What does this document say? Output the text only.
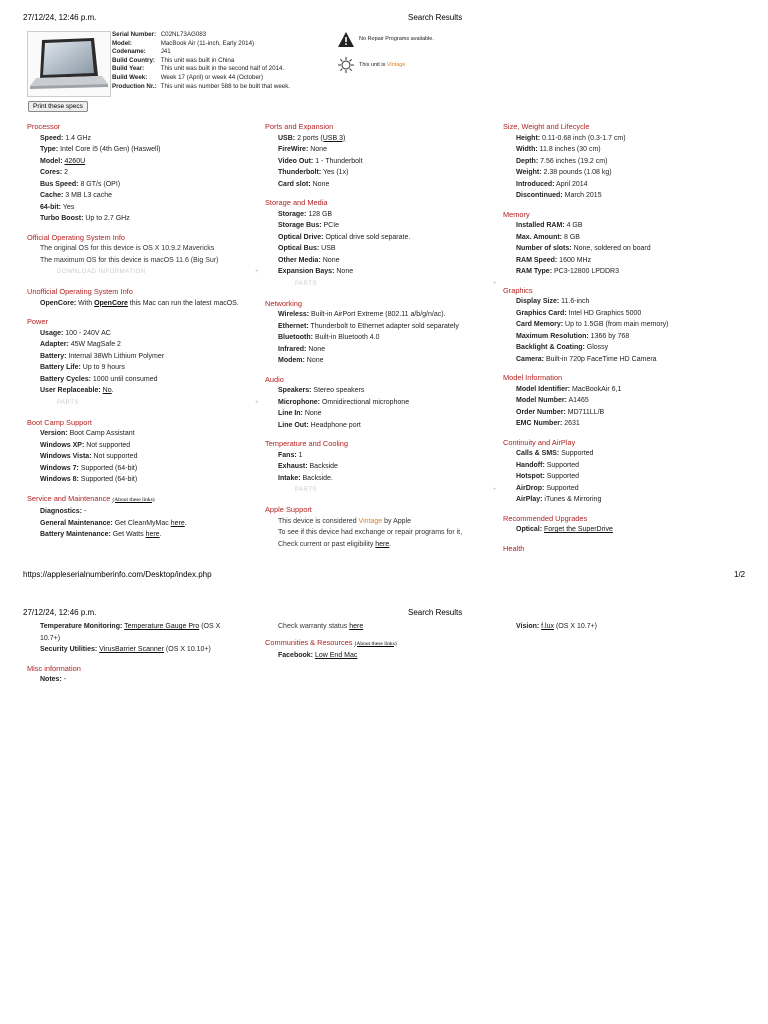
27/12/24, 12:46 p.m.	Search Results
Serial Number:	C02NL73AG083
Model:	MacBook Air (11-inch, Early 2014)
Codename:	J41
Build Country:	This unit was built in China
Build Year:	This unit was built in the second half of 2014.
Build Week:	Week 17 (April) or week 44 (October)
Production Nr.:	This unit was number 588 to be built that week.
No Repair Programs available.
This unit is Vintage
Print these specs
Processor
Speed: 1.4 GHz
Type: Intel Core i5 (4th Gen) (Haswell)
Model: 4260U
Cores: 2
Bus Speed: 8 GT/s (OPI)
Cache: 3 MB L3 cache
64-bit: Yes
Turbo Boost: Up to 2.7 GHz
Official Operating System Info
The original OS for this device is OS X 10.9.2 Mavericks
The maximum OS for this device is macOS 11.6 (Big Sur)
DOWNLOAD INFORMATION	+
Unofficial Operating System Info
OpenCore: With OpenCore this Mac can run the latest macOS.
Power
Usage: 100 - 240V AC
Adapter: 45W MagSafe 2
Battery: Internal 38Wh Lithium Polymer
Battery Life: Up to 9 hours
Battery Cycles: 1000 until consumed
User Replaceable: No.
PARTS	+
Boot Camp Support
Version: Boot Camp Assistant
Windows XP: Not supported
Windows Vista: Not supported
Windows 7: Supported (64-bit)
Windows 8: Supported (64-bit)
Service and Maintenance (About these links)
Diagnostics: -
General Maintenance: Get CleanMyMac here.
Battery Maintenance: Get Watts here.
Ports and Expansion
USB: 2 ports (USB 3)
FireWire: None
Video Out: 1 - Thunderbolt
Thunderbolt: Yes (1x)
Card slot: None
Storage and Media
Storage: 128 GB
Storage Bus: PCIe
Optical Drive: Optical drive sold separate.
Optical Bus: USB
Other Media: None
Expansion Bays: None
PARTS	+
Networking
Wireless: Built-in AirPort Extreme (802.11 a/b/g/n/ac).
Ethernet: Thunderbolt to Ethernet adapter sold separately
Bluetooth: Built-in Bluetooth 4.0
Infrared: None
Modem: None
Audio
Speakers: Stereo speakers
Microphone: Omnidirectional microphone
Line In: None
Line Out: Headphone port
Temperature and Cooling
Fans: 1
Exhaust: Backside
Intake: Backside.
PARTS	+
Apple Support
This device is considered Vintage by Apple
To see if this device had exchange or repair programs for it,
Check current or past eligibility here.
Size, Weight and Lifecycle
Height: 0.11-0.68 inch (0.3-1.7 cm)
Width: 11.8 inches (30 cm)
Depth: 7.56 inches (19.2 cm)
Weight: 2.38 pounds (1.08 kg)
Introduced: April 2014
Discontinued: March 2015
Memory
Installed RAM: 4 GB
Max. Amount: 8 GB
Number of slots: None, soldered on board
RAM Speed: 1600 MHz
RAM Type: PC3-12800 LPDDR3
Graphics
Display Size: 11.6-inch
Graphics Card: Intel HD Graphics 5000
Card Memory: Up to 1.5GB (from main memory)
Maximum Resolution: 1366 by 768
Backlight & Coating: Glossy
Camera: Built-in 720p FaceTime HD Camera
Model Information
Model Identifier: MacBookAir 6,1
Model Number: A1465
Order Number: MD711LL/B
EMC Number: 2631
Continuity and AirPlay
Calls & SMS: Supported
Handoff: Supported
Hotspot: Supported
AirDrop: Supported
AirPlay: iTunes & Mirroring
Recommended Upgrades
Optical: Forget the SuperDrive
Health
https://appleserialnumberinfo.com/Desktop/index.php	1/2
27/12/24, 12:46 p.m.	Search Results
Temperature Monitoring: Temperature Gauge Pro (OS X 10.7+)
Security Utilities: VirusBarrier Scanner (OS X 10.10+)
Misc information
Notes: -
Check warranty status here
Communities & Resources (About these links)
Facebook: Low End Mac
Vision: f.lux (OS X 10.7+)
